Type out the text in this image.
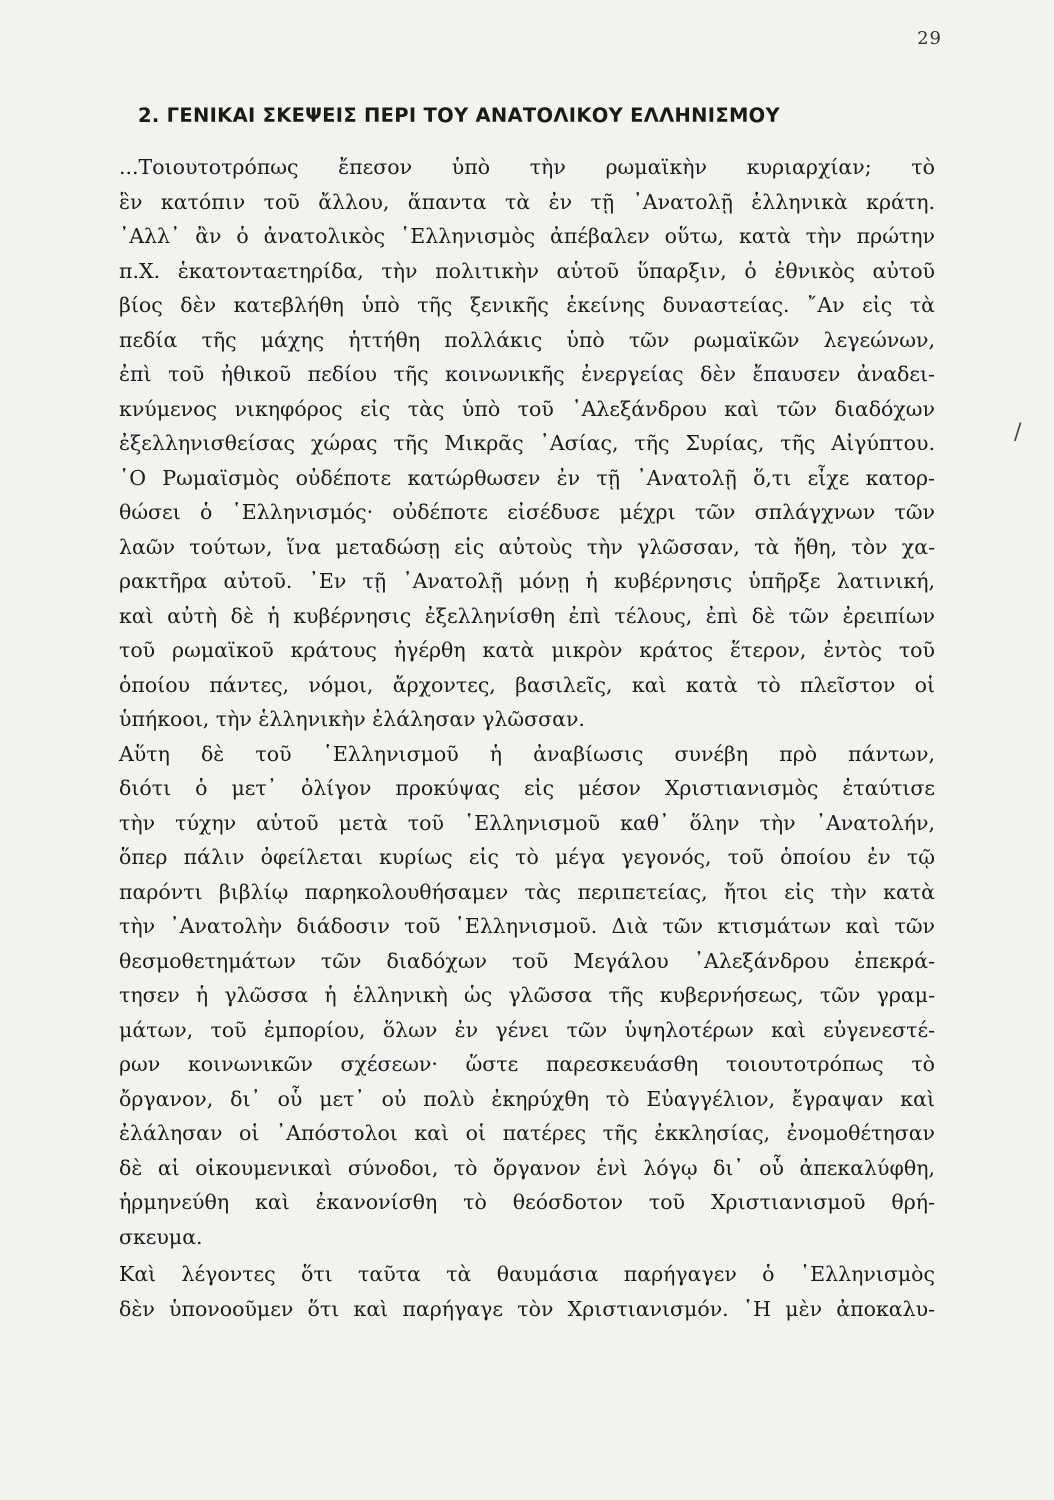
29
2. ΓΕΝΙΚΑΙ ΣΚΕΨΕΙΣ ΠΕΡΙ ΤΟΥ ΑΝΑΤΟΛΙΚΟΥ ΕΛΛΗΝΙΣΜΟΥ
/
...Τοιουτοτρόπως ἔπεσον ὑπὸ τὴν ρωμαϊκὴν κυριαρχίαν; τὸ
ἓν κατόπιν τοῦ ἄλλου, ἅπαντα τὰ ἐν τῇ ᾿Ανατολῇ ἑλληνικὰ κράτη.
᾿Αλλ᾿ ἂν ὁ ἀνατολικὸς ῾Ελληνισμὸς ἀπέβαλεν οὕτω, κατὰ τὴν πρώτην
π.Χ. ἑκατονταετηρίδα, τὴν πολιτικὴν αὑτοῦ ὕπαρξιν, ὁ ἐθνικὸς αὐτοῦ
βίος δὲν κατεβλήθη ὑπὸ τῆς ξενικῆς ἐκείνης δυναστείας. ῎Αν εἰς τὰ
πεδία τῆς μάχης ἡττήθη πολλάκις ὑπὸ τῶν ρωμαϊκῶν λεγεώνων,
ἐπὶ τοῦ ἠθικοῦ πεδίου τῆς κοινωνικῆς ἐνεργείας δὲν ἔπαυσεν ἀναδει-
κνύμενος νικηφόρος εἰς τὰς ὑπὸ τοῦ ᾿Αλεξάνδρου καὶ τῶν διαδόχων
ἐξελληνισθείσας χώρας τῆς Μικρᾶς ᾿Ασίας, τῆς Συρίας, τῆς Αἰγύπτου.
῾Ο Ρωμαϊσμὸς οὐδέποτε κατώρθωσεν ἐν τῇ ᾿Ανατολῇ ὅ,τι εἶχε κατορ-
θώσει ὁ ῾Ελληνισμός· οὐδέποτε εἰσέδυσε μέχρι τῶν σπλάγχνων τῶν
λαῶν τούτων, ἵνα μεταδώσῃ εἰς αὐτοὺς τὴν γλῶσσαν, τὰ ἤθη, τὸν χα-
ρακτῆρα αὐτοῦ. ᾿Εν τῇ ᾿Ανατολῇ μόνῃ ἡ κυβέρνησις ὑπῆρξε λατινική,
καὶ αὐτὴ δὲ ἡ κυβέρνησις ἐξελληνίσθη ἐπὶ τέλους, ἐπὶ δὲ τῶν ἐρειπίων
τοῦ ρωμαϊκοῦ κράτους ἠγέρθη κατὰ μικρὸν κράτος ἕτερον, ἐντὸς τοῦ
ὁποίου πάντες, νόμοι, ἄρχοντες, βασιλεῖς, καὶ κατὰ τὸ πλεῖστον οἱ
ὑπήκοοι, τὴν ἑλληνικὴν ἐλάλησαν γλῶσσαν.
Αὕτη δὲ τοῦ ῾Ελληνισμοῦ ἡ ἀναβίωσις συνέβη πρὸ πάντων,
διότι ὁ μετ᾿ ὀλίγον προκύψας εἰς μέσον Χριστιανισμὸς ἐταύτισε
τὴν τύχην αὑτοῦ μετὰ τοῦ ῾Ελληνισμοῦ καθ᾿ ὅλην τὴν ᾿Ανατολήν,
ὅπερ πάλιν ὀφείλεται κυρίως εἰς τὸ μέγα γεγονός, τοῦ ὁποίου ἐν τῷ
παρόντι βιβλίῳ παρηκολουθήσαμεν τὰς περιπετείας, ἤτοι εἰς τὴν κατὰ
τὴν ᾿Ανατολὴν διάδοσιν τοῦ ῾Ελληνισμοῦ. Διὰ τῶν κτισμάτων καὶ τῶν
θεσμοθετημάτων τῶν διαδόχων τοῦ Μεγάλου ᾿Αλεξάνδρου ἐπεκρά-
τησεν ἡ γλῶσσα ἡ ἑλληνικὴ ὡς γλῶσσα τῆς κυβερνήσεως, τῶν γραμ-
μάτων, τοῦ ἐμπορίου, ὅλων ἐν γένει τῶν ὑψηλοτέρων καὶ εὐγενεστέ-
ρων κοινωνικῶν σχέσεων· ὥστε παρεσκευάσθη τοιουτοτρόπως τὸ
ὄργανον, δι᾿ οὗ μετ᾿ οὐ πολὺ ἐκηρύχθη τὸ Εὐαγγέλιον, ἔγραψαν καὶ
ἐλάλησαν οἱ ᾿Απόστολοι καὶ οἱ πατέρες τῆς ἐκκλησίας, ἐνομοθέτησαν
δὲ αἱ οἰκουμενικαὶ σύνοδοι, τὸ ὄργανον ἑνὶ λόγῳ δι᾿ οὗ ἀπεκαλύφθη,
ἡρμηνεύθη καὶ ἐκανονίσθη τὸ θεόσδοτον τοῦ Χριστιανισμοῦ θρή-
σκευμα.
Καὶ λέγοντες ὅτι ταῦτα τὰ θαυμάσια παρήγαγεν ὁ ῾Ελληνισμὸς
δὲν ὑπονοοῦμεν ὅτι καὶ παρήγαγε τὸν Χριστιανισμόν. ῾Η μὲν ἀποκαλυ-
